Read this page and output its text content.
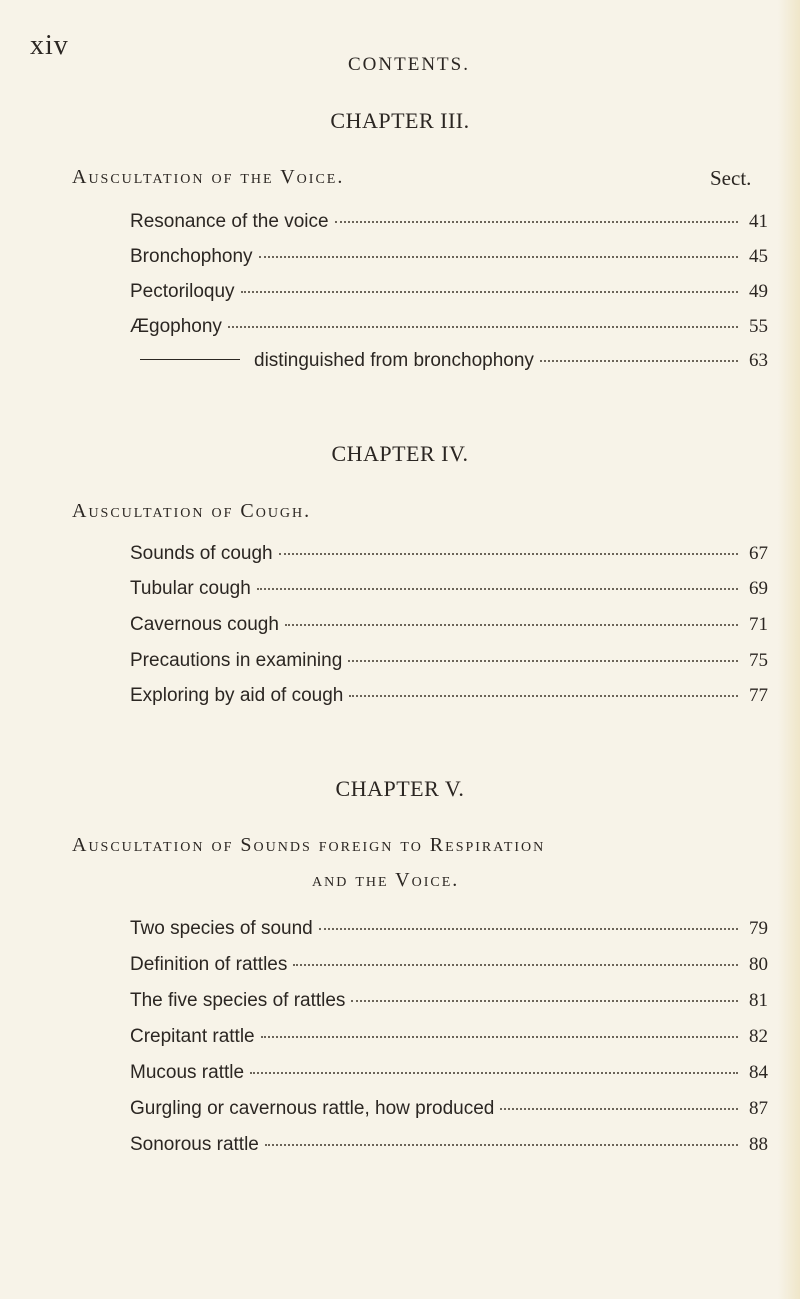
xiv
CONTENTS.
CHAPTER III.
Auscultation of the Voice.	Sect.
Resonance of the voice	41
Bronchophony	45
Pectoriloquy	49
Ægophony	55
distinguished from bronchophony	63
CHAPTER IV.
Auscultation of Cough.
Sounds of cough	67
Tubular cough	69
Cavernous cough	71
Precautions in examining	75
Exploring by aid of cough	77
CHAPTER V.
Auscultation of Sounds foreign to Respiration
and the Voice.
Two species of sound	79
Definition of rattles	80
The five species of rattles	81
Crepitant rattle	82
Mucous rattle	84
Gurgling or cavernous rattle, how produced	87
Sonorous rattle	88
